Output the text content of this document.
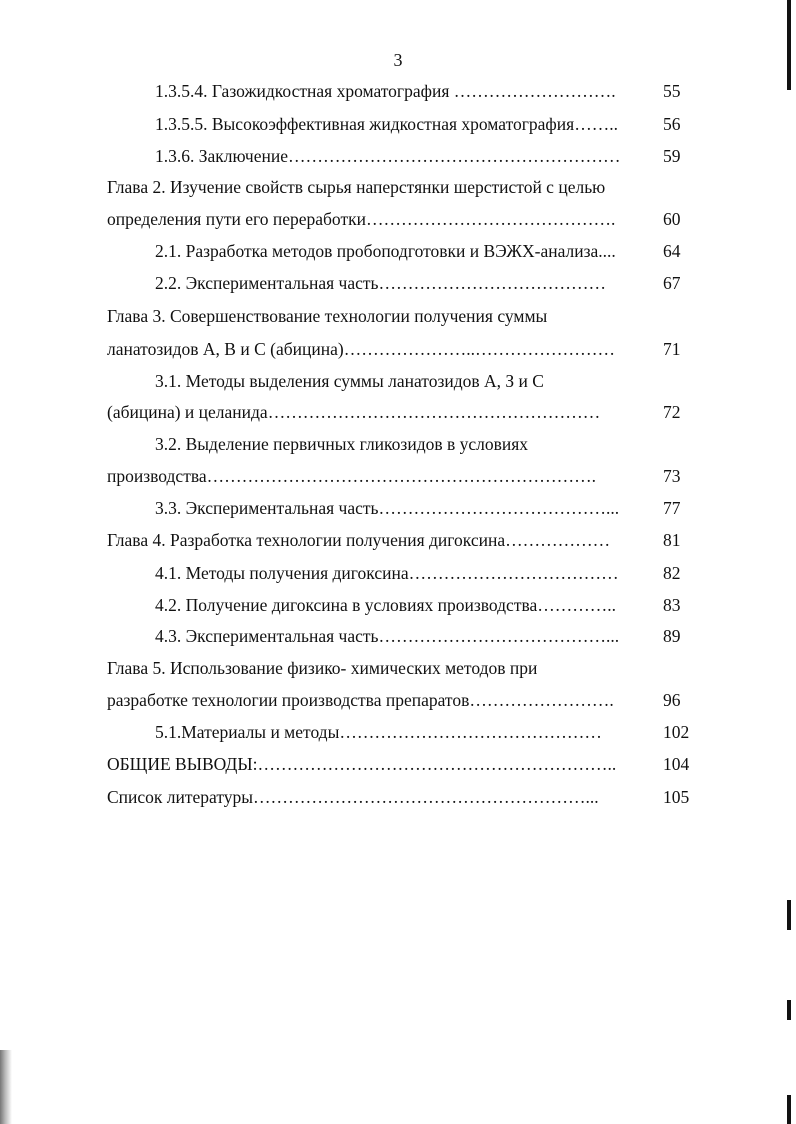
3
1.3.5.4. Газожидкостная хроматография ……………………….	55
1.3.5.5. Высокоэффективная жидкостная хроматография……..	56
1.3.6. Заключение…………………………………………………	59
Глава 2. Изучение свойств сырья наперстянки шерстистой с целью
определения пути его переработки…………………………………….	60
2.1. Разработка методов пробоподготовки и ВЭЖХ-анализа....	64
2.2. Экспериментальная часть…………………………………	67
Глава 3. Совершенствование технологии получения суммы
ланатозидов А, В и С (абицина)…………………..……………………	71
3.1. Методы выделения суммы ланатозидов А, З и С
(абицина) и целанида…………………………………………………	72
3.2. Выделение первичных гликозидов в условиях
производства………………………………………………………….	73
3.3. Экспериментальная часть…………………………………...	77
Глава 4. Разработка технологии получения дигоксина………………	81
4.1. Методы получения дигоксина………………………………	82
4.2. Получение дигоксина в условиях производства…………..	83
4.3. Экспериментальная часть…………………………………...	89
Глава 5. Использование физико- химических методов при
разработке технологии производства препаратов…………………….	96
5.1.Материалы и методы………………………………………	102
ОБЩИЕ ВЫВОДЫ:……………………………………………………..	104
Список литературы…………………………………………………...	105
